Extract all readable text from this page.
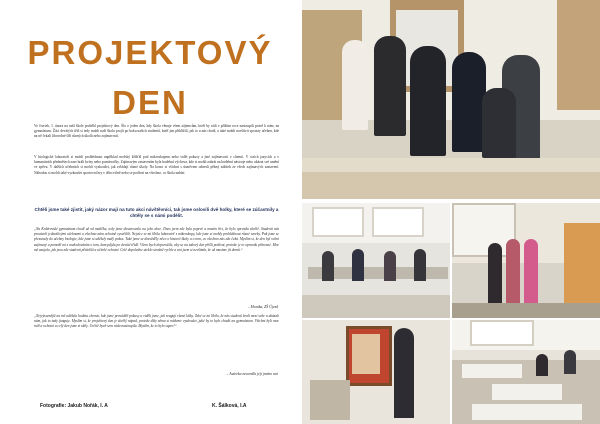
PROJEKTOVÝ
DEN
Ve čtvrtek, 1. února na naší škole proběhl projektový den. Šlo o jeden den, kdy škola věnuje všem zájemcům, kteří by rádi v příštím roce nastoupili právě k nám, na gymnázium. Žáci devátých tříd si tedy mohli naší školu projít po boku našich studentů, kteří jim přiblížili, jak to u nás chodí, a také mohli navštívit spousty učeben, kde na ně čekali libovolné šíři různých úkolů nebo zajímavostí.
V biologické laboratoři si mohli prohlédnout například mořský kříšťál pod mikroskopem nebo vidět pokusy a jiné zajímavosti v chemii. V cizích jazycích a v humanitních předmětech zase hráli kvízy nebo poznávačky. Zajímavým zastavením byla hudební výchova, kde si mohli zahrát na hudební nástroje nebo ukázat své umění ve zpěvu. V dalších učebnách si mohli vyzkoušet, jak zvládají různé úkoly. Na konci si všichni s úsměvem odnesli pěkný zážitek ze všech zajímavých zastavení. Náhodou si mohli také vyzkoušet sportovní hry v tělocvičně nebo se podívat na všechno, co škola nabízí.
Chtěli jsme také zjistit, jaký názor mají na tuto akci návštěvníci, tak jsme oslovili dvě holky, které se zúčastnily a chtěly se s námi podělit.
„Na Kolárovské gymnázium chodí už od malička, tedy jsme dostavovala na jeho akce. Dnes jsem zde byla poprvé a musím říci, že bylo opravdu skvělé. Studenti nás provázeli jednotlivými učebnami a všechno nám ochotně vysvětlili. Nejvíce se mi líbila laboratoř s mikroskopy, kde jsme si mohly prohlédnout různé vzorky. Pak jsme se přesunuly do učebny biologie, kde jsme si udělaly malý pokus. Také jsme se dozvěděly něco o historii školy a o tom, co všechno nás zde čeká. Myslím si, že den byl velmi zajímavý a pomohl mi s rozhodováním o tom, kam půjdu po deváté třídě. Všem bych doporučila, aby se na takový den přišli podívat, protože je to opravdu přínosné. Moc mě zaujalo, jak jsou zde studenti přátelští a učitelé ochotní. Celé dopoledne uteklo strašně rychle a ani jsem si nevšimla, že už musíme jít domů.“
– Monika, ZŠ Újezd
„Nejvýraznější na mě udělala hodina chemie, kde jsme prováděli pokusy a viděli jsme, jak reagují různé látky. Také se mi líbilo, že nás studenti brali mezi sebe a ukázali nám, jak to tady funguje. Myslím si, že projektový den je skvělý nápad, protože díky němu si můžeme vyzkoušet, jaké by to bylo chodit na gymnázium. Všichni byli moc milí a ochotní a celý den jsme si užily. Určitě bych sem ráda nastoupila. Myslím, že to bylo super!“
– Autorka neuvedla její jméno ani
Fotografie: Jakub Nořák, I. A	K. Šálková, I.A
